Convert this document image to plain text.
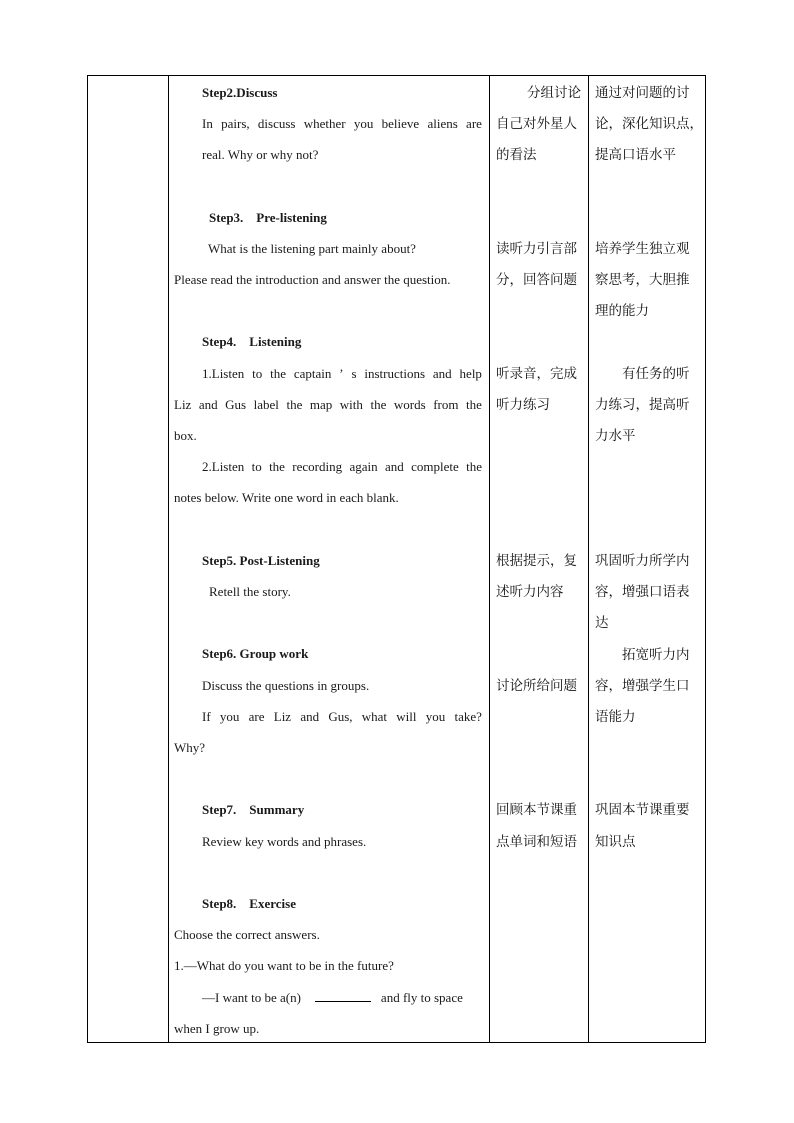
Step2.Discuss
In pairs, discuss whether you believe aliens are
real. Why or why not?
Step3.　Pre-listening
What is the listening part mainly about?
Please read the introduction and answer the question.
Step4.　Listening
1.Listen to the captain ’ s instructions and help
Liz and Gus label the map with the words from the
box.
2.Listen to the recording again and complete the
notes below. Write one word in each blank.
Step5. Post-Listening
Retell the story.
Step6. Group work
Discuss the questions in groups.
If you are Liz and Gus, what will you take?
Why?
Step7.　Summary
Review key words and phrases.
Step8.　Exercise
Choose the correct answers.
1.—What do you want to be in the future?
—I want to be a(n)	and fly to space
when I grow up.
分组讨论
自己对外星人
的看法
读听力引言部
分，回答问题
听录音，完成
听力练习
根据提示，复
述听力内容
讨论所给问题
回顾本节课重
点单词和短语
通过对问题的讨
论，深化知识点，
提高口语水平
培养学生独立观
察思考，大胆推
理的能力
有任务的听
力练习，提高听
力水平
巩固听力所学内
容，增强口语表
达
拓宽听力内
容，增强学生口
语能力
巩固本节课重要
知识点
